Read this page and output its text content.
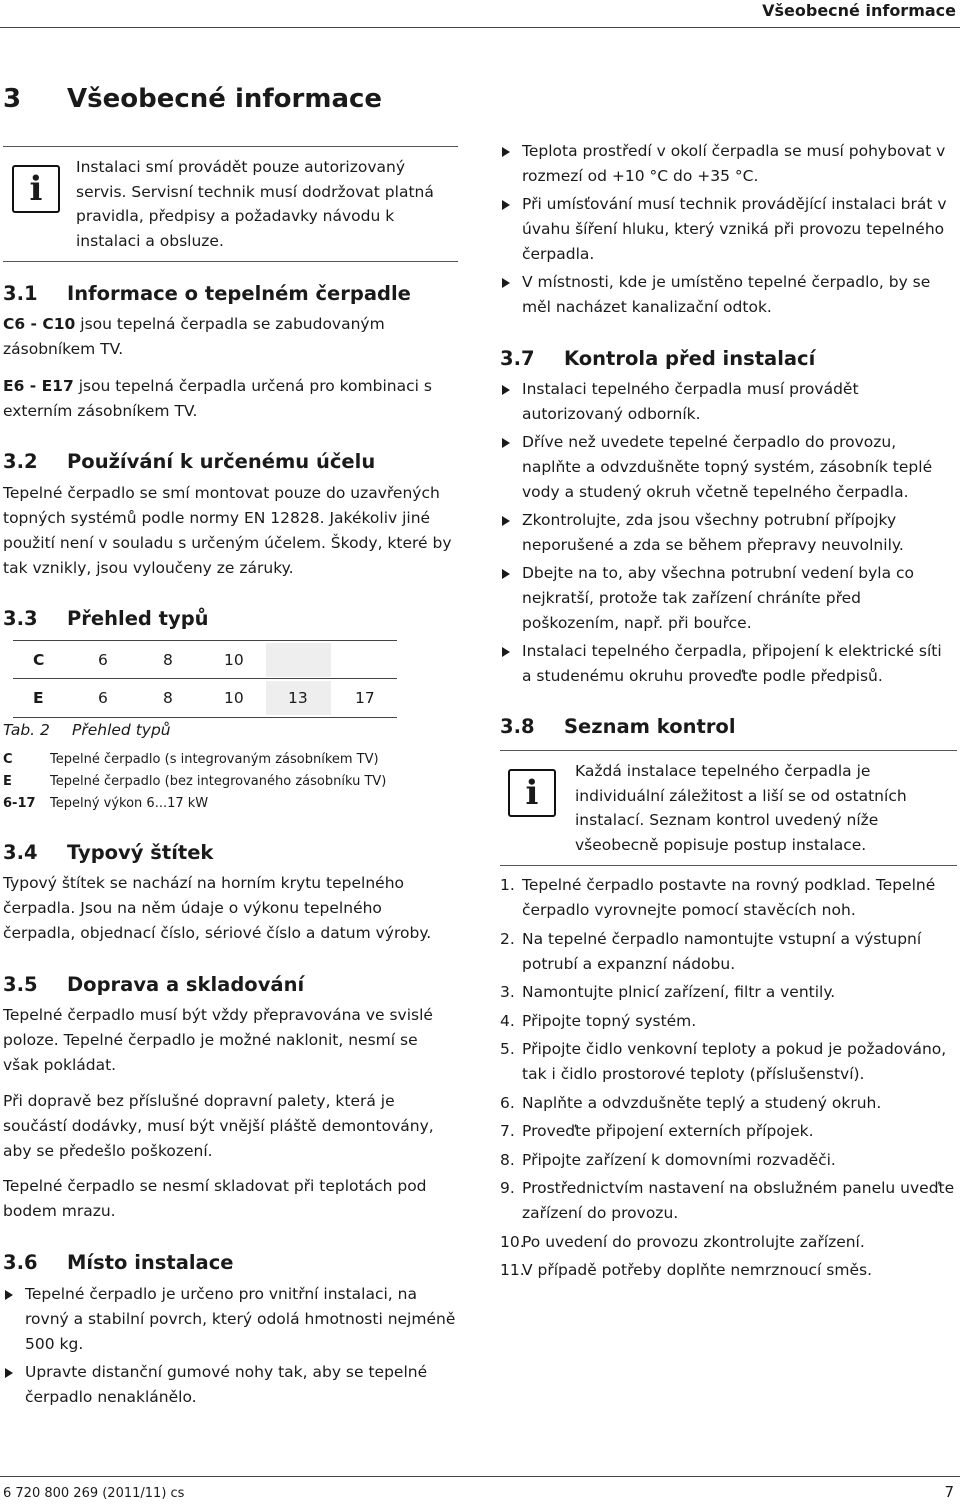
Všeobecné informace
3 Všeobecné informace
i
Instalaci smí provádět pouze autorizovaný servis. Servisní technik musí dodržovat platná pravidla, předpisy a požadavky návodu k instalaci a obsluze.
3.1 Informace o tepelném čerpadle

C6 - C10 jsou tepelná čerpadla se zabudovaným zásobníkem TV.

E6 - E17 jsou tepelná čerpadla určená pro kombinaci s externím zásobníkem TV.

3.2 Používání k určenému účelu

Tepelné čerpadlo se smí montovat pouze do uzavřených topných systémů podle normy EN 12828. Jakékoliv jiné použití není v souladu s určeným účelem. Škody, které by tak vznikly, jsou vyloučeny ze záruky.

3.3 Přehled typů
C	6	8	10
E	6	8	10	13	17
Tab. 2 Přehled typů
C	Tepelné čerpadlo (s integrovaným zásobníkem TV)
E	Tepelné čerpadlo (bez integrovaného zásobníku TV)
6-17	Tepelný výkon 6...17 kW
3.4 Typový štítek

Typový štítek se nachází na horním krytu tepelného čerpadla. Jsou na něm údaje o výkonu tepelného čerpadla, objednací číslo, sériové číslo a datum výroby.

3.5 Doprava a skladování

Tepelné čerpadlo musí být vždy přepravována ve svislé poloze. Tepelné čerpadlo je možné naklonit, nesmí se však pokládat.

Při dopravě bez příslušné dopravní palety, která je součástí dodávky, musí být vnější pláště demontovány, aby se předešlo poškození.

Tepelné čerpadlo se nesmí skladovat při teplotách pod bodem mrazu.

3.6 Místo instalace
Tepelné čerpadlo je určeno pro vnitřní instalaci, na rovný a stabilní povrch, který odolá hmotnosti nejméně 500 kg.
Upravte distanční gumové nohy tak, aby se tepelné čerpadlo nenaklánělo.
Teplota prostředí v okolí čerpadla se musí pohybovat v rozmezí od +10 °C do +35 °C.
Při umísťování musí technik provádějící instalaci brát v úvahu šíření hluku, který vzniká při provozu tepelného čerpadla.
V místnosti, kde je umístěno tepelné čerpadlo, by se měl nacházet kanalizační odtok.
3.7 Kontrola před instalací
Instalaci tepelného čerpadla musí provádět autorizovaný odborník.
Dříve než uvedete tepelné čerpadlo do provozu, naplňte a odvzdušněte topný systém, zásobník teplé vody a studený okruh včetně tepelného čerpadla.
Zkontrolujte, zda jsou všechny potrubní přípojky neporušené a zda se během přepravy neuvolnily.
Dbejte na to, aby všechna potrubní vedení byla co nejkratší, protože tak zařízení chráníte před poškozením, např. při bouřce.
Instalaci tepelného čerpadla, připojení k elektrické síti a studenému okruhu proveďte podle předpisů.
3.8 Seznam kontrol
i
Každá instalace tepelného čerpadla je individuální záležitost a liší se od ostatních instalací. Seznam kontrol uvedený níže všeobecně popisuje postup instalace.
1. Tepelné čerpadlo postavte na rovný podklad. Tepelné čerpadlo vyrovnejte pomocí stavěcích noh.
2. Na tepelné čerpadlo namontujte vstupní a výstupní potrubí a expanzní nádobu.
3. Namontujte plnicí zařízení, filtr a ventily.
4. Připojte topný systém.
5. Připojte čidlo venkovní teploty a pokud je požadováno, tak i čidlo prostorové teploty (příslušenství).
6. Naplňte a odvzdušněte teplý a studený okruh.
7. Proveďte připojení externích přípojek.
8. Připojte zařízení k domovními rozvaděči.
9. Prostřednictvím nastavení na obslužném panelu uveďte zařízení do provozu.
10.
Po uvedení do provozu zkontrolujte zařízení.
11.
V případě potřeby doplňte nemrznoucí směs.
6 720 800 269 (2011/11) cs	7
